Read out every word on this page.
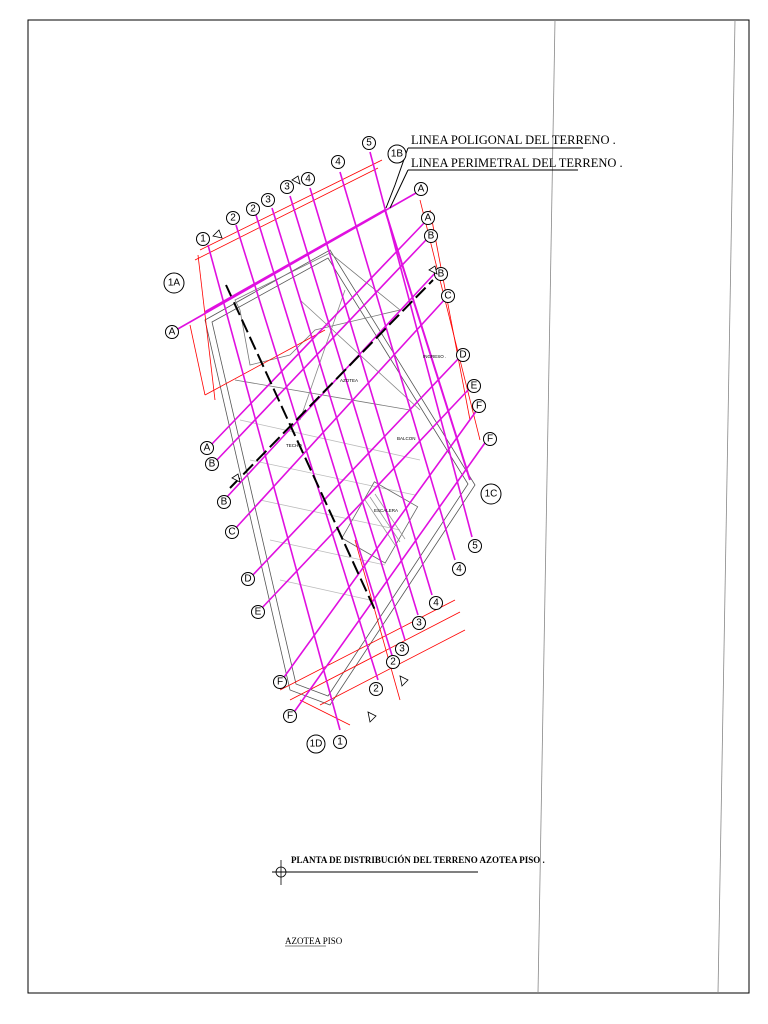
LINEA POLIGONAL DEL TERRENO .
LINEA PERIMETRAL DEL TERRENO .
AZOTEA
BALCON
INGRESO .
TECHO
ESCALERA
1A
1B
1C
1D
1
2
2
3
3
4
4
5
A
A
B
B
C
D
E
F
F
A
A
B
B
C
D
E
F
F
1
2
2
3
3
4
4
5
PLANTA DE DISTRIBUCIÓN DEL TERRENO AZOTEA PISO .
AZOTEA PISO
